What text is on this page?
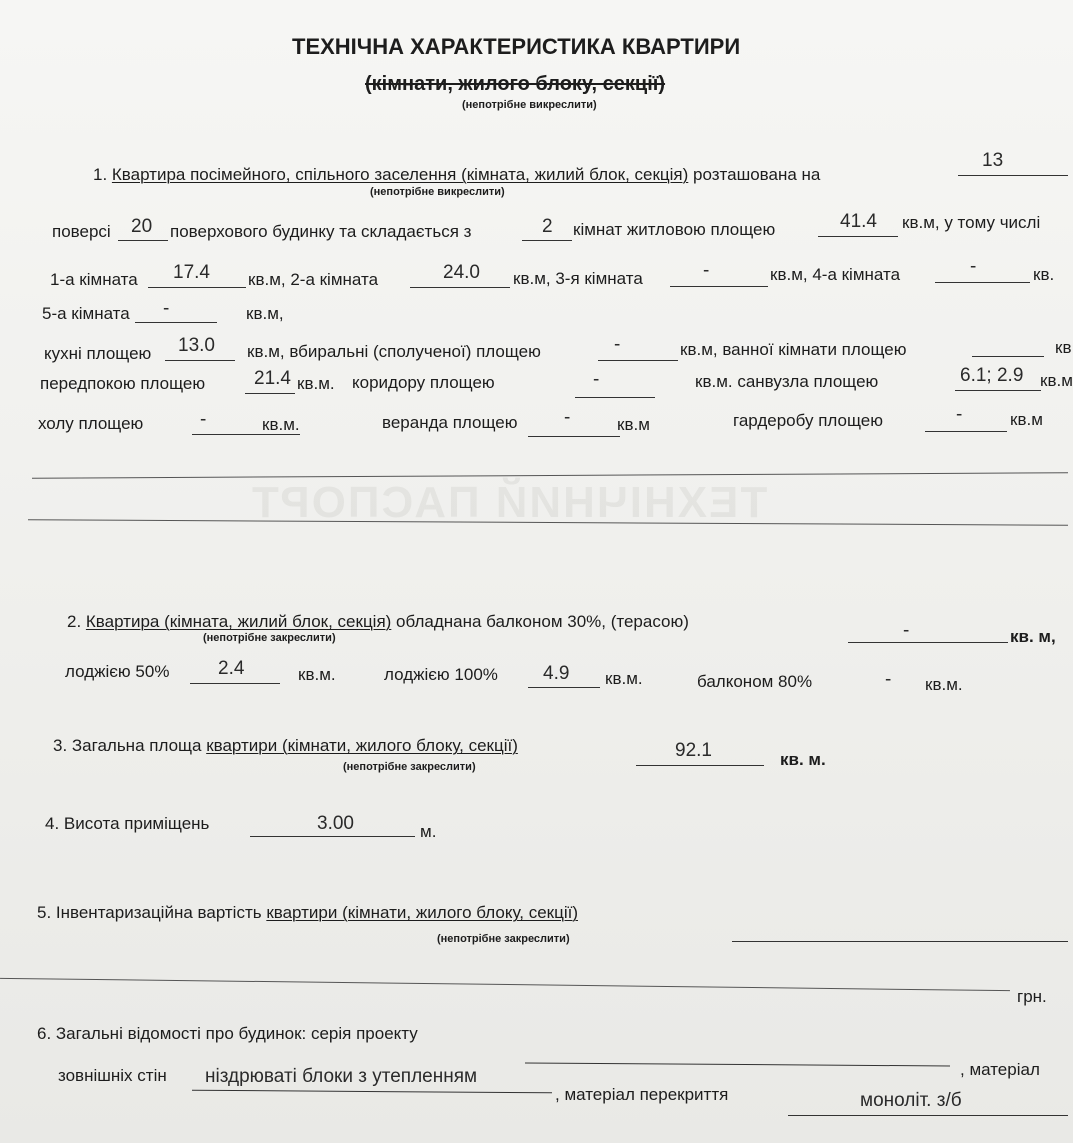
ТЕХНІЧНИЙ ПАСПОРТ
ТЕХНІЧНА ХАРАКТЕРИСТИКА КВАРТИРИ
(кімнати, жилого блоку, секції)
(непотрібне викреслити)
1. Квартира посімейного, спільного заселення (кімната, жилий блок, секція) розташована на
13
(непотрібне викреслити)
поверсі 20 поверхового будинку та складається з	2 кімнат житловою площею	41.4 кв.м, у тому числі
1-а кімната 17.4 кв.м, 2-а кімната	24.0 кв.м, 3-я кімната	-	кв.м, 4-а кімната	-	кв.
5-а кімната -	кв.м,
кухні площею 13.0 кв.м, вбиральні (сполученої) площею	-	кв.м, ванної кімнати площею	кв
передпокою площею	21.4 кв.м. коридору площею	-	кв.м. санвузла площею	6.1; 2.9 кв.м
холу площею	-	кв.м.	веранда площею -	кв.м	гардеробу площею	-	кв.м
2. Квартира (кімната, жилий блок, секція) обладнана балконом 30%, (терасою)	-	кв. м,
(непотрібне закреслити)
лоджією 50%	2.4	кв.м.	лоджією 100% 4.9 кв.м.	балконом 80%	- кв.м.
3. Загальна площа квартири (кімнати, жилого блоку, секції)	92.1	кв. м.
(непотрібне закреслити)
4. Висота приміщень	3.00	м.
5. Інвентаризаційна вартість квартири (кімнати, жилого блоку, секції)
(непотрібне закреслити)
грн.
6. Загальні відомості про будинок: серія проекту
, матеріал
зовнішніх стін ніздрюваті блоки з утепленням
, матеріал перекриття	моноліт. з/б
